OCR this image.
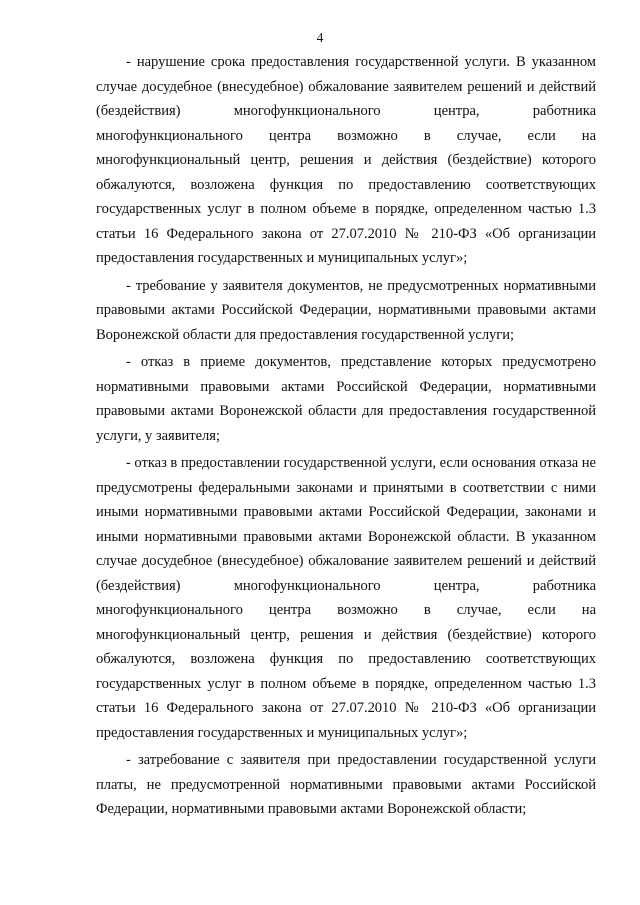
4

- нарушение срока предоставления государственной услуги. В указанном случае досудебное (внесудебное) обжалование заявителем решений и действий (бездействия) многофункционального центра, работника многофункционального центра возможно в случае, если на многофункциональный центр, решения и действия (бездействие) которого обжалуются, возложена функция по предоставлению соответствующих государственных услуг в полном объеме в порядке, определенном частью 1.3 статьи 16 Федерального закона от 27.07.2010 № 210-ФЗ «Об организации предоставления государственных и муниципальных услуг»;

- требование у заявителя документов, не предусмотренных нормативными правовыми актами Российской Федерации, нормативными правовыми актами Воронежской области для предоставления государственной услуги;

- отказ в приеме документов, представление которых предусмотрено нормативными правовыми актами Российской Федерации, нормативными правовыми актами Воронежской области для предоставления государственной услуги, у заявителя;

- отказ в предоставлении государственной услуги, если основания отказа не предусмотрены федеральными законами и принятыми в соответствии с ними иными нормативными правовыми актами Российской Федерации, законами и иными нормативными правовыми актами Воронежской области. В указанном случае досудебное (внесудебное) обжалование заявителем решений и действий (бездействия) многофункционального центра, работника многофункционального центра возможно в случае, если на многофункциональный центр, решения и действия (бездействие) которого обжалуются, возложена функция по предоставлению соответствующих государственных услуг в полном объеме в порядке, определенном частью 1.3 статьи 16 Федерального закона от 27.07.2010 № 210-ФЗ «Об организации предоставления государственных и муниципальных услуг»;

- затребование с заявителя при предоставлении государственной услуги платы, не предусмотренной нормативными правовыми актами Российской Федерации, нормативными правовыми актами Воронежской области;
